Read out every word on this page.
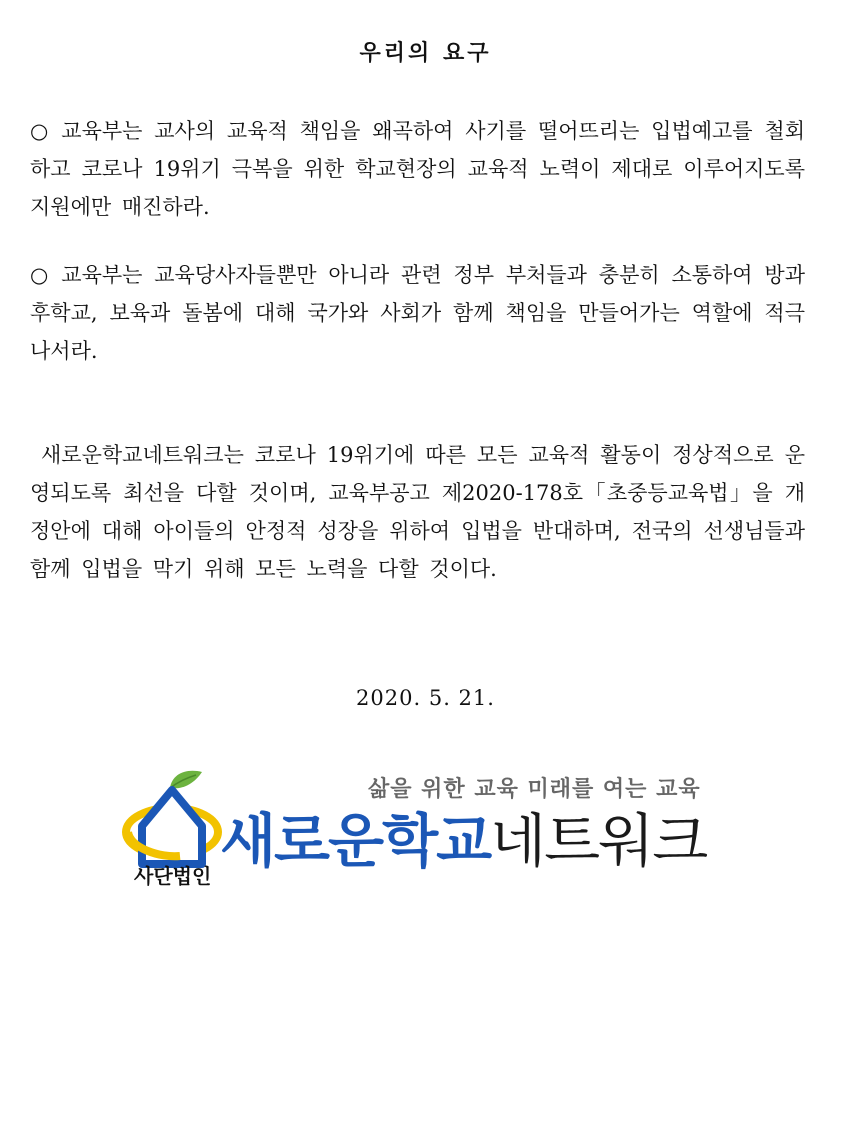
우리의 요구
○ 교육부는 교사의 교육적 책임을 왜곡하여 사기를 떨어뜨리는 입법예고를 철회하고 코로나 19위기 극복을 위한 학교현장의 교육적 노력이 제대로 이루어지도록 지원에만 매진하라.
○ 교육부는 교육당사자들뿐만 아니라 관련 정부 부처들과 충분히 소통하여 방과후학교, 보육과 돌봄에 대해 국가와 사회가 함께 책임을 만들어가는 역할에 적극 나서라.
새로운학교네트워크는 코로나 19위기에 따른 모든 교육적 활동이 정상적으로 운영되도록 최선을 다할 것이며, 교육부공고 제2020-178호「초중등교육법」을 개정안에 대해 아이들의 안정적 성장을 위하여 입법을 반대하며, 전국의 선생님들과 함께 입법을 막기 위해 모든 노력을 다할 것이다.
2020. 5. 21.
삶을 위한 교육 미래를 여는 교육
새로운학교네트워크
사단법인
